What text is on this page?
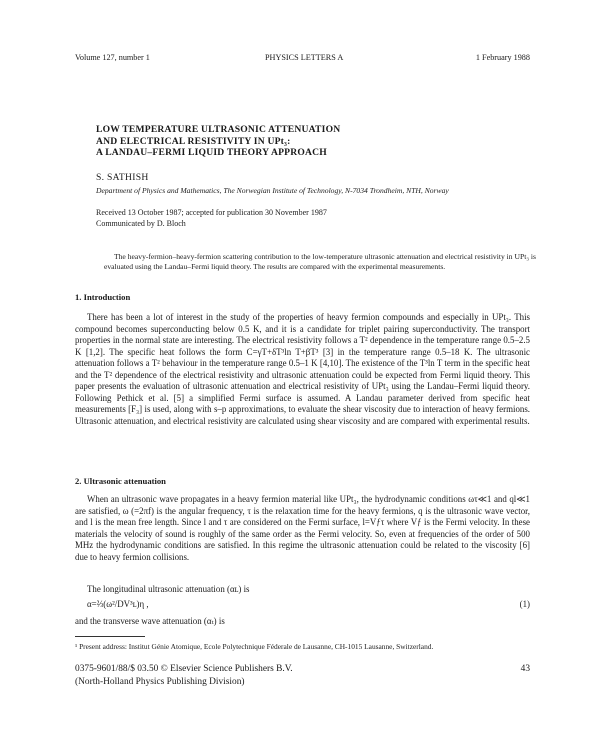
Volume 127, number 1	PHYSICS LETTERS A	1 February 1988
LOW TEMPERATURE ULTRASONIC ATTENUATION
AND ELECTRICAL RESISTIVITY IN UPt₃:
A LANDAU–FERMI LIQUID THEORY APPROACH
S. SATHISH
Department of Physics and Mathematics, The Norwegian Institute of Technology, N-7034 Trondheim, NTH, Norway
Received 13 October 1987; accepted for publication 30 November 1987
Communicated by D. Bloch
The heavy-fermion–heavy-fermion scattering contribution to the low-temperature ultrasonic attenuation and electrical resistivity in UPt₃ is evaluated using the Landau–Fermi liquid theory. The results are compared with the experimental measurements.
1. Introduction
There has been a lot of interest in the study of the properties of heavy fermion compounds and especially in UPt₃. This compound becomes superconducting below 0.5 K, and it is a candidate for triplet pairing superconductivity. The transport properties in the normal state are interesting. The electrical resistivity follows a T² dependence in the temperature range 0.5–2.5 K [1,2]. The specific heat follows the form C=γT+δT³ln T+βT³ [3] in the temperature range 0.5–18 K. The ultrasonic attenuation follows a T² behaviour in the temperature range 0.5–1 K [4,10]. The existence of the T³ln T term in the specific heat and the T² dependence of the electrical resistivity and ultrasonic attenuation could be expected from Fermi liquid theory. This paper presents the evaluation of ultrasonic attenuation and electrical resistivity of UPt₃ using the Landau–Fermi liquid theory. Following Pethick et al. [5] a simplified Fermi surface is assumed. A Landau parameter derived from specific heat measurements [F₃] is used, along with s–p approximations, to evaluate the shear viscosity due to interaction of heavy fermions. Ultrasonic attenuation, and electrical resistivity are calculated using shear viscosity and are compared with experimental results.
2. Ultrasonic attenuation
When an ultrasonic wave propagates in a heavy fermion material like UPt₃, the hydrodynamic conditions ωτ≪1 and ql≪1 are satisfied, ω (=2πf) is the angular frequency, τ is the relaxation time for the heavy fermions, q is the ultrasonic wave vector, and l is the mean free length. Since l and τ are considered on the Fermi surface, l=Vƒτ where Vƒ is the Fermi velocity. In these materials the velocity of sound is roughly of the same order as the Fermi velocity. So, even at frequencies of the order of 500 MHz the hydrodynamic conditions are satisfied. In this regime the ultrasonic attenuation could be related to the viscosity [6] due to heavy fermion collisions.
The longitudinal ultrasonic attenuation (αʟ) is
α=⅔(ω²/DV³ʟ)η ,	(1)
and the transverse wave attenuation (αₜ) is
¹ Present address: Institut Génie Atomique, Ecole Polytechnique Féderale de Lausanne, CH-1015 Lausanne, Switzerland.
0375-9601/88/$ 03.50 © Elsevier Science Publishers B.V.
(North-Holland Physics Publishing Division)
43
